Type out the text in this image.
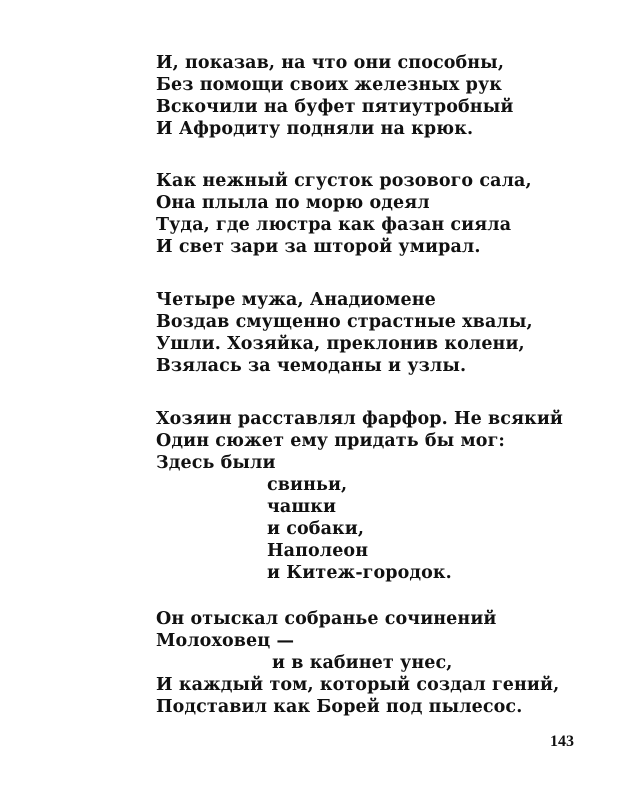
И, показав, на что они способны,
Без помощи своих железных рук
Вскочили на буфет пятиутробный
И Афродиту подняли на крюк.
Как нежный сгусток розового сала,
Она плыла по морю одеял
Туда, где люстра как фазан сияла
И свет зари за шторой умирал.
Четыре мужа, Анадиомене
Воздав смущенно страстные хвалы,
Ушли. Хозяйка, преклонив колени,
Взялась за чемоданы и узлы.
Хозяин расставлял фарфор. Не всякий
Один сюжет ему придать бы мог:
Здесь были
свиньи,
чашки
и собаки,
Наполеон
и Китеж-городок.
Он отыскал собранье сочинений
Молоховец —
и в кабинет унес,
И каждый том, который создал гений,
Подставил как Борей под пылесос.
143
